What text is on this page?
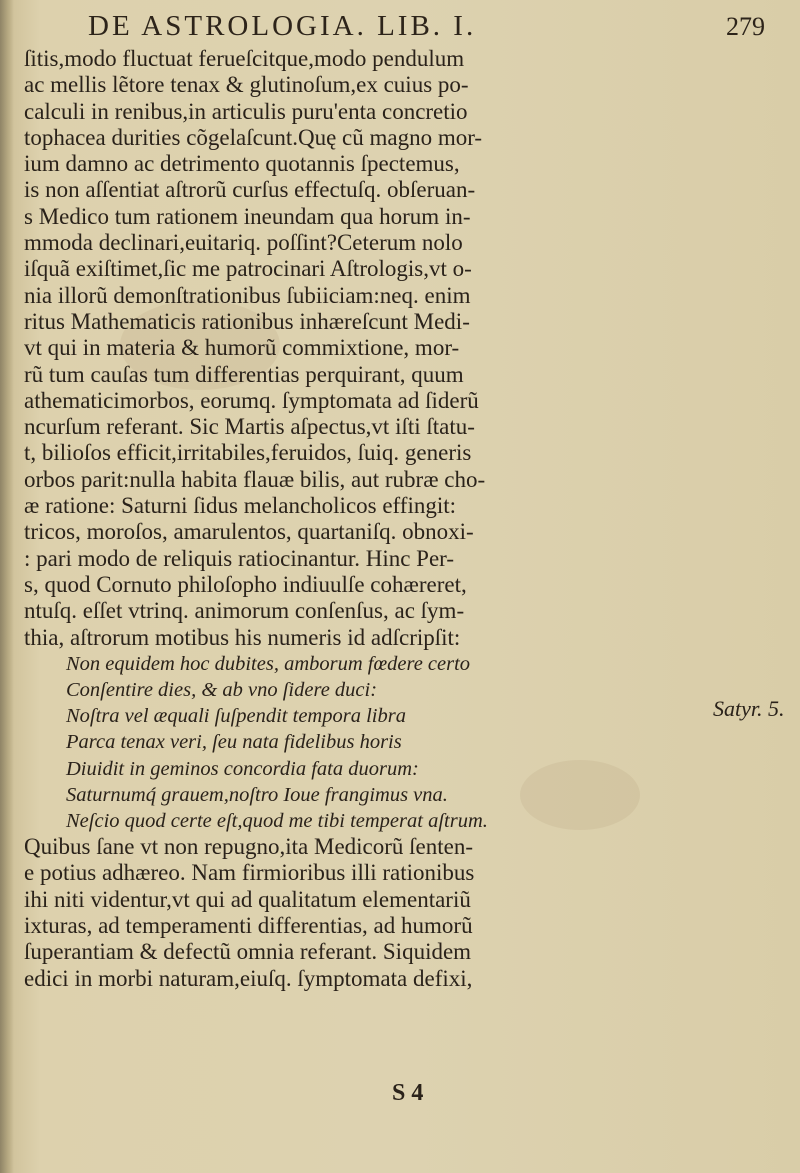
DE ASTROLOGIA. LIB. I.	279
ſitis,modo fluctuat ferueſcitque,modo pendulum
ac mellis lẽtore tenax & glutinoſum,ex cuius po-
calculi in renibus,in articulis puru'enta concretio
tophacea durities cõgelaſcunt.Quę cũ magno mor-
ium damno ac detrimento quotannis ſpectemus,
is non aſſentiat aſtrorũ curſus effectuſq. obſeruan-
s Medico tum rationem ineundam qua horum in-
mmoda declinari,euitariq. poſſint?Ceterum nolo
iſquã exiſtimet,ſic me patrocinari Aſtrologis,vt o-
nia illorũ demonſtrationibus ſubiiciam:neq. enim
ritus Mathematicis rationibus inhæreſcunt Medi-
vt qui in materia & humorũ commixtione, mor-
rũ tum cauſas tum differentias perquirant, quum
athematicimorbos, eorumq. ſymptomata ad ſiderũ
ncurſum referant. Sic Martis aſpectus,vt iſti ſtatu-
t, bilioſos efficit,irritabiles,feruidos, ſuiq. generis
orbos parit:nulla habita flauæ bilis, aut rubræ cho-
æ ratione: Saturni ſidus melancholicos effingit:
tricos, moroſos, amarulentos, quartaniſq. obnoxi-
: pari modo de reliquis ratiocinantur. Hinc Per-
s, quod Cornuto philoſopho indiuulſe cohæreret,
ntuſq. eſſet vtrinq. animorum conſenſus, ac ſym-
thia, aſtrorum motibus his numeris id adſcripſit:
Non equidem hoc dubites, amborum fœdere certo
Conſentire dies, & ab vno ſidere duci:
Noſtra vel æquali ſuſpendit tempora libra
Parca tenax veri, ſeu nata fidelibus horis
Diuidit in geminos concordia fata duorum:
Saturnumq́ grauem,noſtro Ioue frangimus vna.
Neſcio quod certe eſt,quod me tibi temperat aſtrum.
Quibus ſane vt non repugno,ita Medicorũ ſenten-
e potius adhæreo. Nam firmioribus illi rationibus
ihi niti videntur,vt qui ad qualitatum elementariũ
ixturas, ad temperamenti differentias, ad humorũ
ſuperantiam & defectũ omnia referant. Siquidem
edici in morbi naturam,eiuſq. ſymptomata defixi,
Satyr. 5.
S 4
